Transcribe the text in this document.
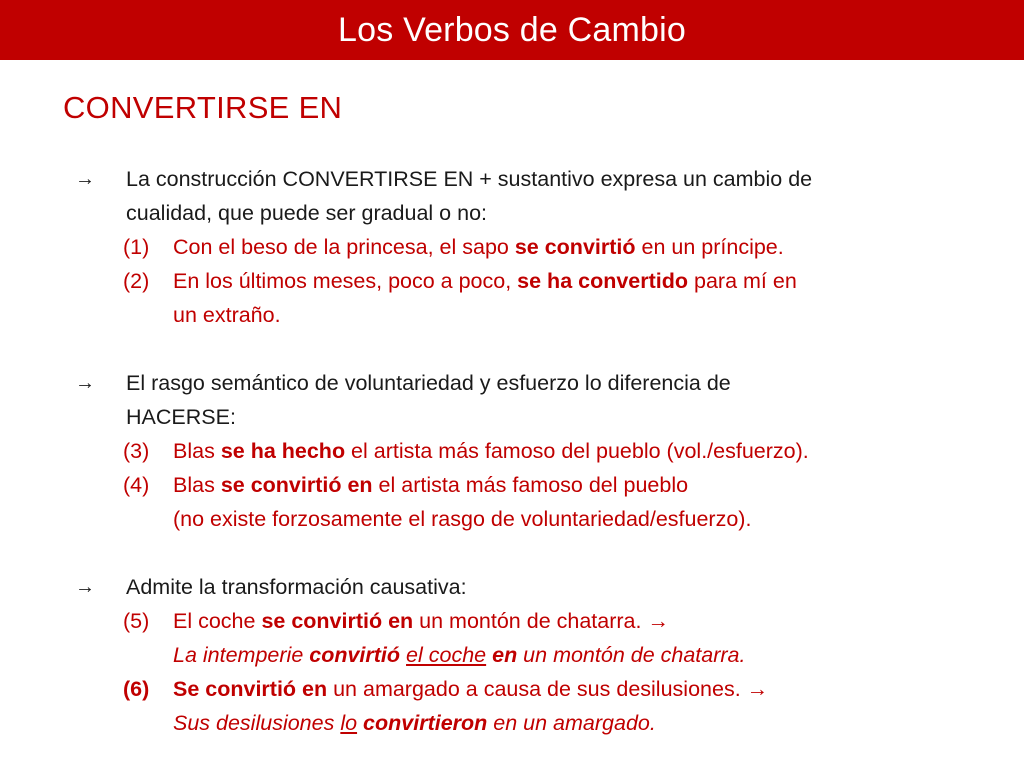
Los Verbos de Cambio
CONVERTIRSE EN
→	La construcción CONVERTIRSE EN + sustantivo expresa un cambio de
cualidad, que puede ser gradual o no:
(1)	Con el beso de la princesa, el sapo se convirtió en un príncipe.
(2)	En los últimos meses, poco a poco, se ha convertido para mí en
un extraño.
→	El rasgo semántico de voluntariedad y esfuerzo lo diferencia de
HACERSE:
(3)	Blas se ha hecho el artista más famoso del pueblo (vol./esfuerzo).
(4)	Blas se convirtió en el artista más famoso del pueblo
(no existe forzosamente el rasgo de voluntariedad/esfuerzo).
→	Admite la transformación causativa:
(5)	El coche se convirtió en un montón de chatarra. →
La intemperie convirtió el coche en un montón de chatarra.
(6)	Se convirtió en un amargado a causa de sus desilusiones. →
Sus desilusiones lo convirtieron en un amargado.
